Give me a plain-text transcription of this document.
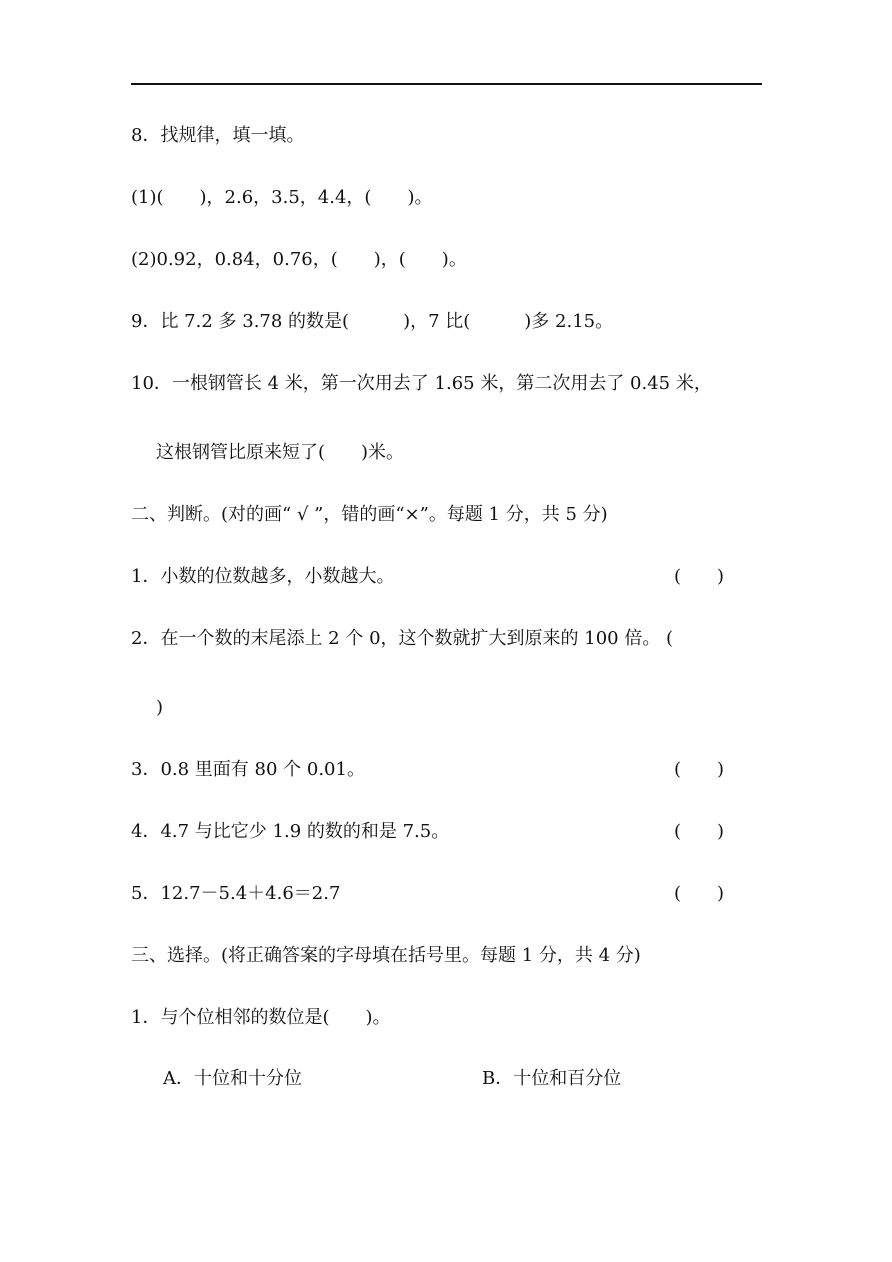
8．找规律，填一填。

(1)(　　)，2.6，3.5，4.4，(　　)。

(2)0.92，0.84，0.76，(　　)，(　　)。

9．比 7.2 多 3.78 的数是(　　　)，7 比(　　　)多 2.15。

10．一根钢管长 4 米，第一次用去了 1.65 米，第二次用去了 0.45 米，

这根钢管比原来短了(　　)米。

二、判断。(对的画“ √ ”，错的画“×”。每题 1 分，共 5 分)

1．小数的位数越多，小数越大。	(　　)

2．在一个数的末尾添上 2 个 0，这个数就扩大到原来的 100 倍。 (

)

3．0.8 里面有 80 个 0.01。	(　　)

4．4.7 与比它少 1.9 的数的和是 7.5。	(　　)

5．12.7－5.4＋4.6＝2.7	(　　)

三、选择。(将正确答案的字母填在括号里。每题 1 分，共 4 分)

1．与个位相邻的数位是(　　)。

A．十位和十分位	B．十位和百分位
